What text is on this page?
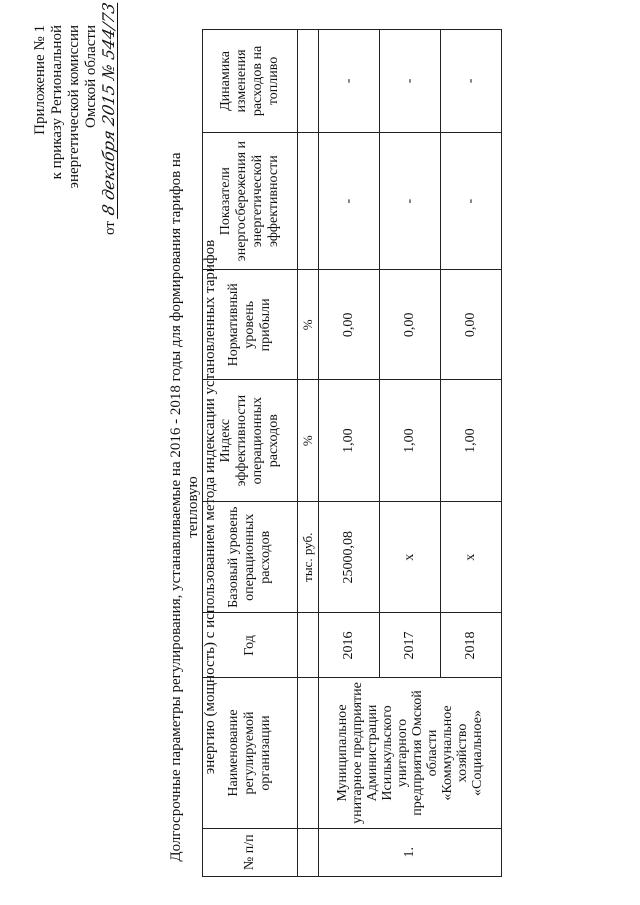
Приложение № 1 к приказу Региональной энергетической комиссии Омской области
от 8 декабря 2015 № 544/73
Долгосрочные параметры регулирования, устанавливаемые на 2016 - 2018 годы для формирования тарифов на тепловую энергию (мощность) с использованием метода индексации установленных тарифов
№ п/п	Наименование регулируемой организации	Год	Базовый уровень операционных расходов	Индекс эффективности операционных расходов	Нормативный уровень прибыли	Показатели энергосбережения и энергетической эффективности	Динамика изменения расходов на топливо
			тыс. руб.	%	%		
1.	Муниципальное унитарное предприятие Администрации Исилькульского унитарного предприятия Омской области «Коммунальное хозяйство «Социальное»	2016	25000,08	1,00	0,00	-	-
		2017	x	1,00	0,00	-	-
		2018	x	1,00	0,00	-	-
